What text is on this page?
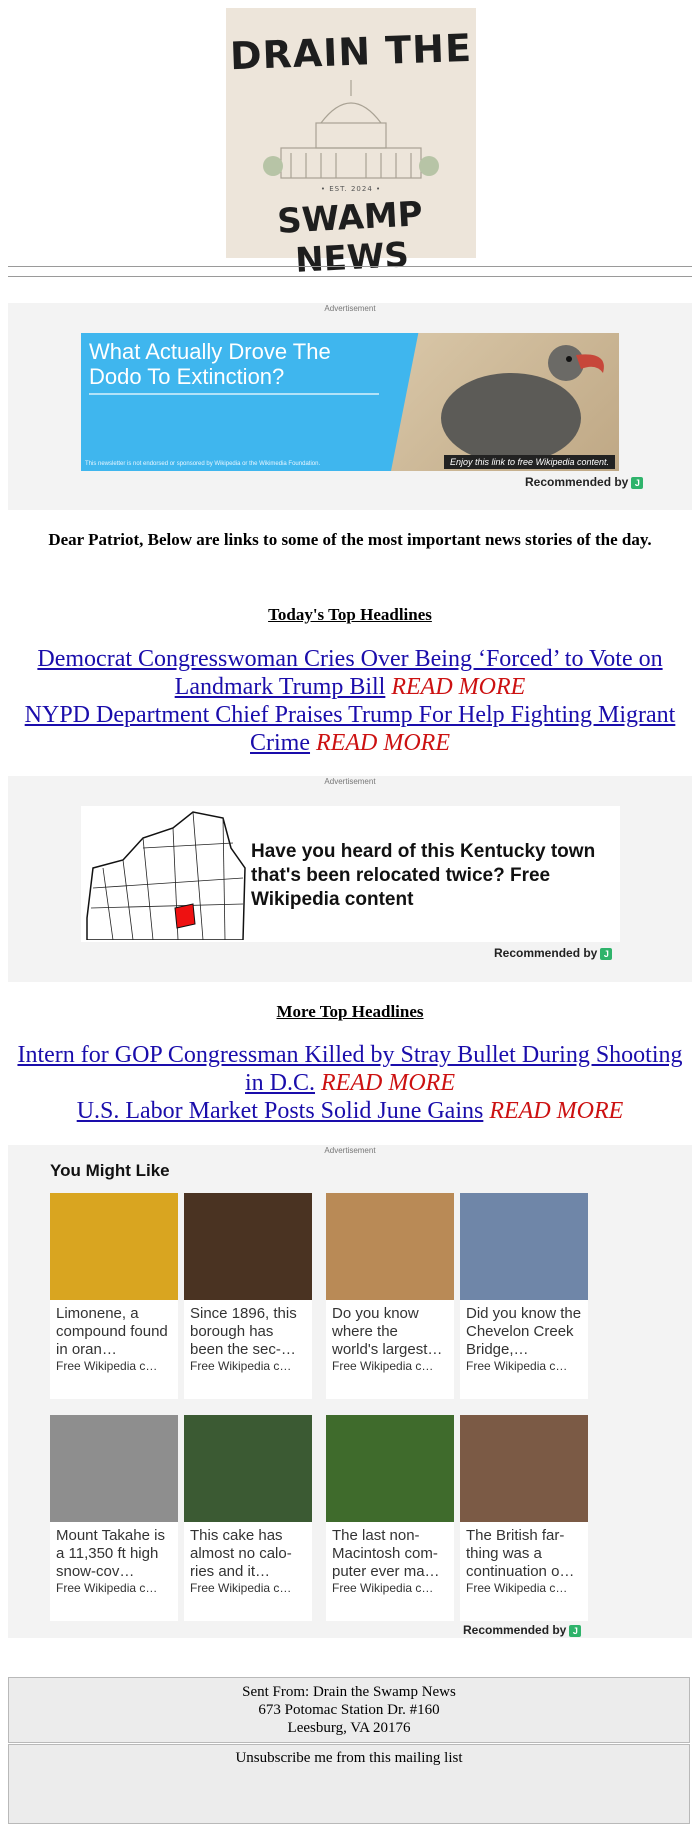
DRAIN THE
• EST. 2024 •
SWAMP NEWS
Advertisement
What Actually Drove The Dodo To Extinction?
This newsletter is not endorsed or sponsored by Wikipedia or the Wikimedia Foundation.	Enjoy this link to free Wikipedia content.
Recommended by J
Dear Patriot, Below are links to some of the most important news stories of the day.
Today's Top Headlines
Democrat Congresswoman Cries Over Being ‘Forced’ to Vote on Landmark Trump Bill READ MORE
NYPD Department Chief Praises Trump For Help Fighting Migrant Crime READ MORE
Advertisement
Have you heard of this Kentucky town that's been relocated twice? Free Wikipedia content
Recommended by J
More Top Headlines
Intern for GOP Congressman Killed by Stray Bullet During Shooting in D.C. READ MORE
U.S. Labor Market Posts Solid June Gains READ MORE
Advertisement
You Might Like
Limonene, a compound found in oran…
Free Wikipedia c…
Since 1896, this borough has been the sec-…
Free Wikipedia c…
Do you know where the world's largest…
Free Wikipedia c…
Did you know the Chevelon Creek Bridge,…
Free Wikipedia c…
Mount Takahe is a 11,350 ft high snow-cov…
Free Wikipedia c…
This cake has almost no calo-ries and it…
Free Wikipedia c…
The last non-Macintosh com-puter ever ma…
Free Wikipedia c…
The British far-thing was a continuation o…
Free Wikipedia c…
Recommended by J
Sent From: Drain the Swamp News
673 Potomac Station Dr. #160
Leesburg, VA 20176
Unsubscribe me from this mailing list
